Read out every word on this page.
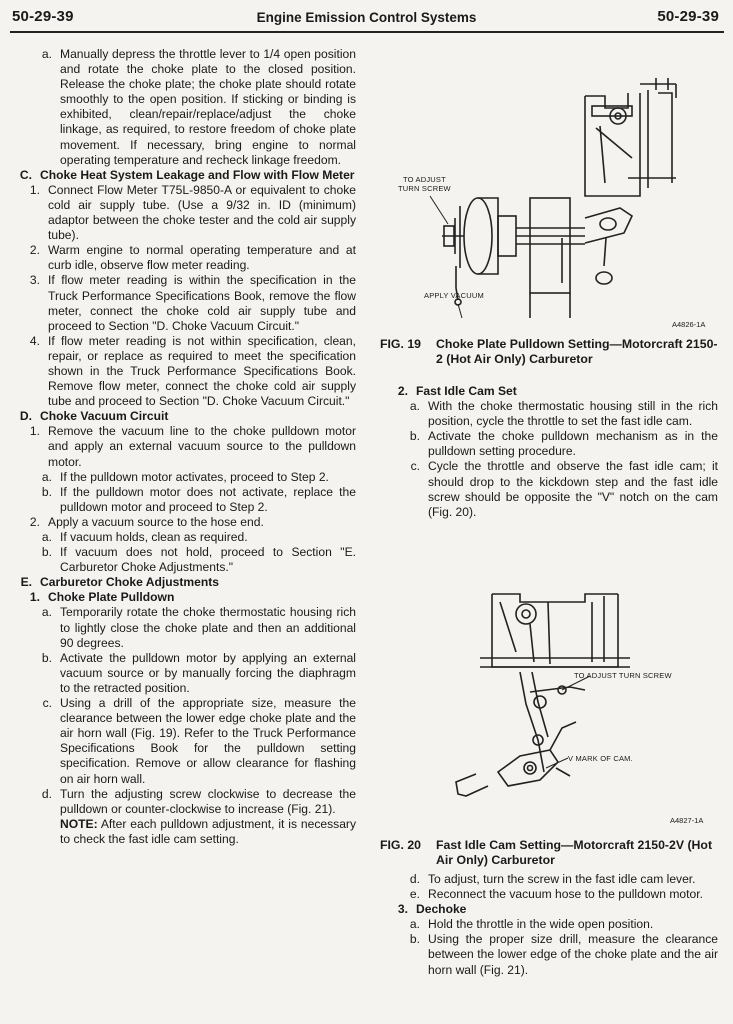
50-29-39	Engine Emission Control Systems	50-29-39
a. Manually depress the throttle lever to 1/4 open position and rotate the choke plate to the closed position. Release the choke plate; the choke plate should rotate smoothly to the open position. If sticking or binding is exhibited, clean/repair/replace/adjust the choke linkage, as required, to restore freedom of choke plate movement. If necessary, bring engine to normal operating temperature and recheck linkage freedom.
C. Choke Heat System Leakage and Flow with Flow Meter
1. Connect Flow Meter T75L-9850-A or equivalent to choke cold air supply tube. (Use a 9/32 in. ID (minimum) adaptor between the choke tester and the cold air supply tube).
2. Warm engine to normal operating temperature and at curb idle, observe flow meter reading.
3. If flow meter reading is within the specification in the Truck Performance Specifications Book, remove the flow meter, connect the choke cold air supply tube and proceed to Section "D. Choke Vacuum Circuit."
4. If flow meter reading is not within specification, clean, repair, or replace as required to meet the specification shown in the Truck Performance Specifications Book. Remove flow meter, connect the choke cold air supply tube and proceed to Section "D. Choke Vacuum Circuit."
D. Choke Vacuum Circuit
1. Remove the vacuum line to the choke pulldown motor and apply an external vacuum source to the pulldown motor.
a. If the pulldown motor activates, proceed to Step 2.
b. If the pulldown motor does not activate, replace the pulldown motor and proceed to Step 2.
2. Apply a vacuum source to the hose end.
a. If vacuum holds, clean as required.
b. If vacuum does not hold, proceed to Section "E. Carburetor Choke Adjustments."
E. Carburetor Choke Adjustments
1. Choke Plate Pulldown
a. Temporarily rotate the choke thermostatic housing rich to lightly close the choke plate and then an additional 90 degrees.
b. Activate the pulldown motor by applying an external vacuum source or by manually forcing the diaphragm to the retracted position.
c. Using a drill of the appropriate size, measure the clearance between the lower edge choke plate and the air horn wall (Fig. 19). Refer to the Truck Performance Specifications Book for the pulldown setting specification. Remove or allow clearance for flashing on air horn wall.
d. Turn the adjusting screw clockwise to decrease the pulldown or counter-clockwise to increase (Fig. 21).
NOTE: After each pulldown adjustment, it is necessary to check the fast idle cam setting.
TO ADJUST
TURN SCREW
APPLY VACUUM
A4826-1A
FIG. 19	Choke Plate Pulldown Setting—Motorcraft 2150-2 (Hot Air Only) Carburetor
2. Fast Idle Cam Set
a. With the choke thermostatic housing still in the rich position, cycle the throttle to set the fast idle cam.
b. Activate the choke pulldown mechanism as in the pulldown setting procedure.
c. Cycle the throttle and observe the fast idle cam; it should drop to the kickdown step and the fast idle screw should be opposite the "V" notch on the cam (Fig. 20).
TO ADJUST TURN SCREW
V MARK OF CAM.
A4827-1A
FIG. 20	Fast Idle Cam Setting—Motorcraft 2150-2V (Hot Air Only) Carburetor
d. To adjust, turn the screw in the fast idle cam lever.
e. Reconnect the vacuum hose to the pulldown motor.
3. Dechoke
a. Hold the throttle in the wide open position.
b. Using the proper size drill, measure the clearance between the lower edge of the choke plate and the air horn wall (Fig. 21).
